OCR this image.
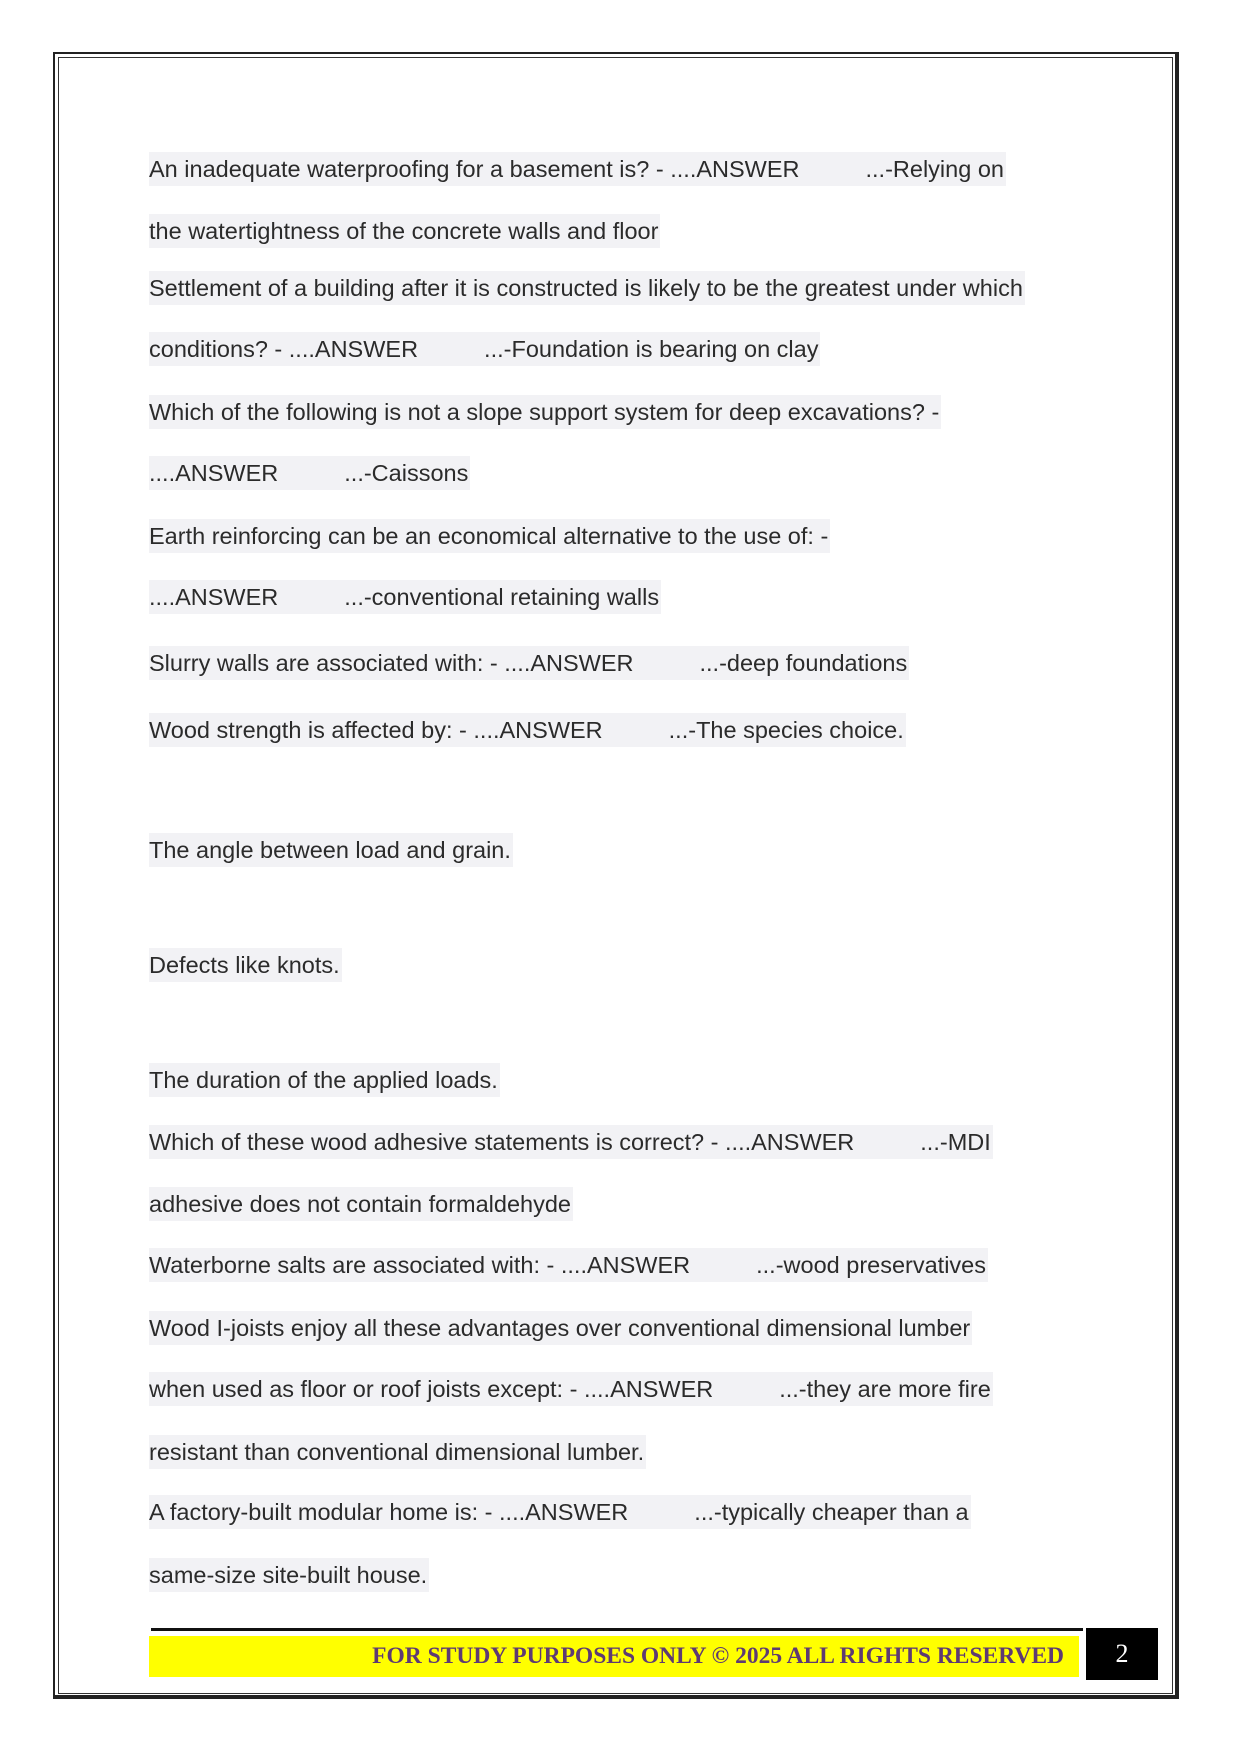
An inadequate waterproofing for a basement is? - ....ANSWER	...-Relying on
the watertightness of the concrete walls and floor
Settlement of a building after it is constructed is likely to be the greatest under which
conditions? - ....ANSWER	...-Foundation is bearing on clay
Which of the following is not a slope support system for deep excavations? -
....ANSWER	...-Caissons
Earth reinforcing can be an economical alternative to the use of: -
....ANSWER	...-conventional retaining walls
Slurry walls are associated with: - ....ANSWER	...-deep foundations
Wood strength is affected by: - ....ANSWER	...-The species choice.
The angle between load and grain.
Defects like knots.
The duration of the applied loads.
Which of these wood adhesive statements is correct? - ....ANSWER	...-MDI
adhesive does not contain formaldehyde
Waterborne salts are associated with: - ....ANSWER	...-wood preservatives
Wood I-joists enjoy all these advantages over conventional dimensional lumber
when used as floor or roof joists except: - ....ANSWER	...-they are more fire
resistant than conventional dimensional lumber.
A factory-built modular home is: - ....ANSWER	...-typically cheaper than a
same-size site-built house.
FOR STUDY PURPOSES ONLY © 2025 ALL RIGHTS RESERVED	2
